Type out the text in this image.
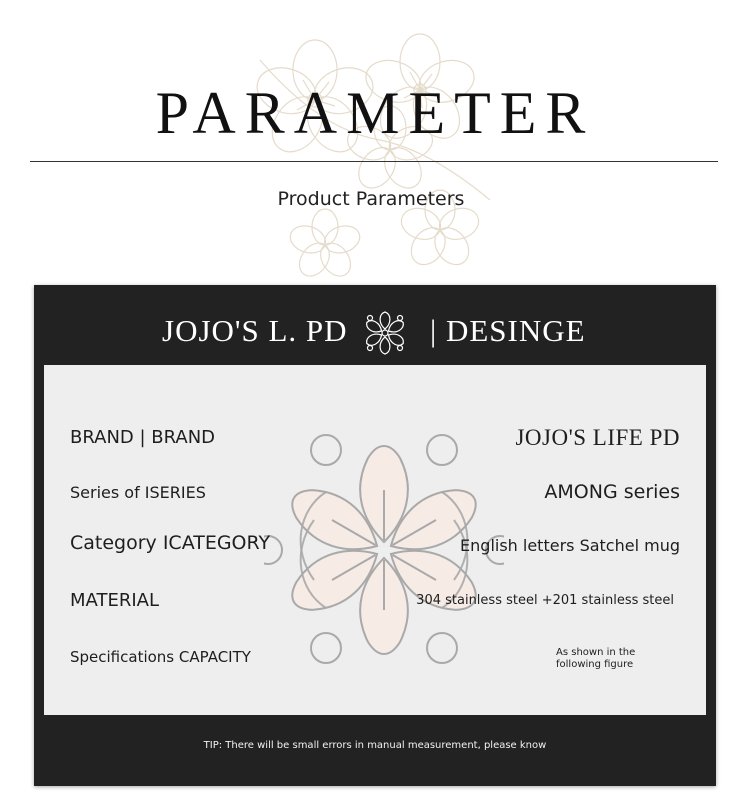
PARAMETER
Product Parameters
JOJO'S L. PD	| DESINGE
BRAND | BRAND	JOJO'S LIFE PD
Series of ISERIES	AMONG series
Category ICATEGORY	English letters Satchel mug
MATERIAL	304 stainless steel +201 stainless steel
Specifications CAPACITY	As shown in the following figure
TIP: There will be small errors in manual measurement, please know
